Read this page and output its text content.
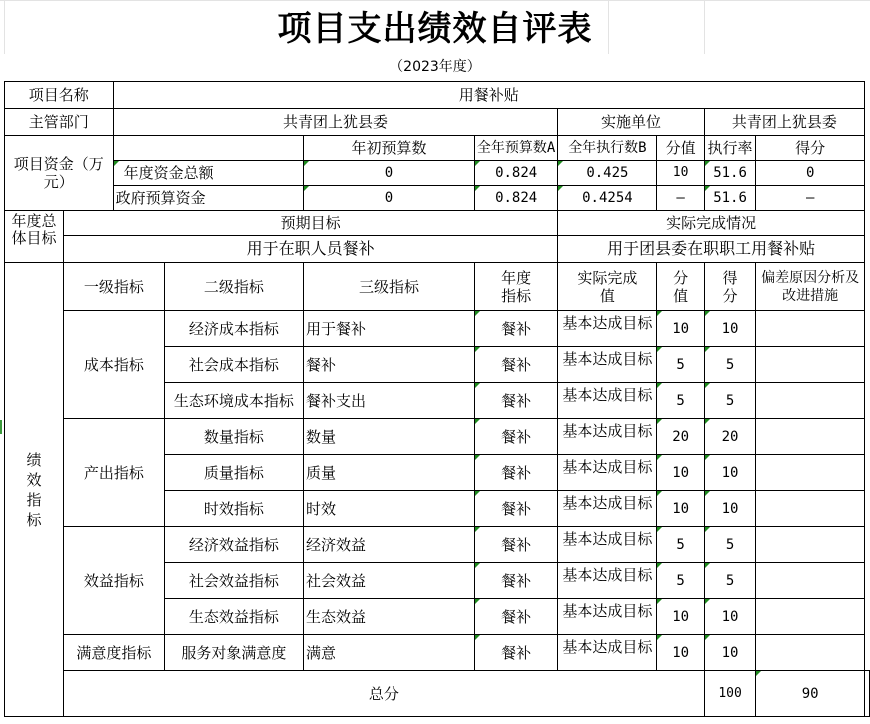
项目支出绩效自评表
（2023年度）
项目名称		用餐补贴								
主管部门		共青团上犹县委				实施单位		共青团上犹县委		
项目资金（万元）				年初预算数	全年预算数A	全年执行数B	分值	执行率	得分	
		年度资金总额		0	0.824	0.425	10	51.6	0	
		政府预算资金		0	0.824	0.4254	—	51.6	—	
年度总体目标	预期目标					实际完成情况				
	用于在职人员餐补					用于团县委在职职工用餐补贴				
绩效指标	一级指标		二级指标	三级指标	年度指标	实际完成值	分值	得分	偏差原因分析及改进措施	

	成本指标		经济成本指标	用于餐补	餐补	基本达成目标	10	10		
			社会成本指标	餐补	餐补	基本达成目标	5	5		
			生态环境成本指标	餐补支出	餐补	基本达成目标	5	5		
	产出指标		数量指标	数量	餐补	基本达成目标	20	20		
			质量指标	质量	餐补	基本达成目标	10	10		
			时效指标	时效	餐补	基本达成目标	10	10		
	效益指标		经济效益指标	经济效益	餐补	基本达成目标	5	5		
			社会效益指标	社会效益	餐补	基本达成目标	5	5		
			生态效益指标	生态效益	餐补	基本达成目标	10	10		
	满意度指标		服务对象满意度	满意	餐补	基本达成目标	10	10		
	总分							100	90	
